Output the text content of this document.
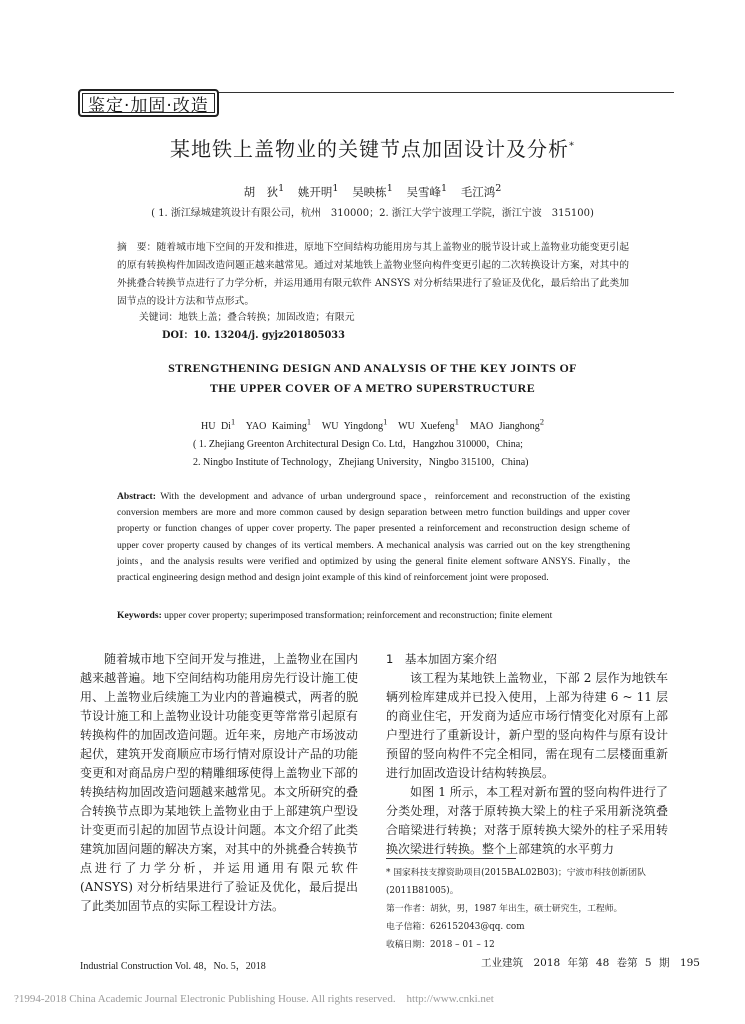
鉴定·加固·改造
某地铁上盖物业的关键节点加固设计及分析*
胡　狄$^1$ 姚开明$^1$ 吴映栋$^1$ 吴雪峰$^1$ 毛江鸿$^2$
( 1. 浙江绿城建筑设计有限公司，杭州　310000；2. 浙江大学宁波理工学院，浙江宁波　315100)
摘　要：随着城市地下空间的开发和推进，原地下空间结构功能用房与其上盖物业的脱节设计或上盖物业功能变更引起的原有转换构件加固改造问题正越来越常见。通过对某地铁上盖物业竖向构件变更引起的二次转换设计方案，对其中的外挑叠合转换节点进行了力学分析，并运用通用有限元软件 ANSYS 对分析结果进行了验证及优化，最后给出了此类加固节点的设计方法和节点形式。
关键词：地铁上盖；叠合转换；加固改造；有限元
DOI：10. 13204/j. gyjz201805033
STRENGTHENING DESIGN AND ANALYSIS OF THE KEY JOINTS OF
THE UPPER COVER OF A METRO SUPERSTRUCTURE
HU Di$^1$ YAO Kaiming$^1$ WU Yingdong$^1$ WU Xuefeng$^1$ MAO Jianghong$^2$
( 1. Zhejiang Greenton Architectural Design Co. Ltd，Hangzhou 310000，China;
2. Ningbo Institute of Technology，Zhejiang University，Ningbo 315100，China)
Abstract: With the development and advance of urban underground space，reinforcement and reconstruction of the existing conversion members are more and more common caused by design separation between metro function buildings and upper cover property or function changes of upper cover property. The paper presented a reinforcement and reconstruction design scheme of upper cover property caused by changes of its vertical members. A mechanical analysis was carried out on the key strengthening joints，and the analysis results were verified and optimized by using the general finite element software ANSYS. Finally，the practical engineering design method and design joint example of this kind of reinforcement joint were proposed.
Keywords: upper cover property; superimposed transformation; reinforcement and reconstruction; finite element

随着城市地下空间开发与推进，上盖物业在国内越来越普遍。地下空间结构功能用房先行设计施工使用、上盖物业后续施工为业内的普遍模式，两者的脱节设计施工和上盖物业设计功能变更等常常引起原有转换构件的加固改造问题。近年来，房地产市场波动起伏，建筑开发商顺应市场行情对原设计产品的功能变更和对商品房户型的精雕细琢使得上盖物业下部的转换结构加固改造问题越来越常见。本文所研究的叠合转换节点即为某地铁上盖物业由于上部建筑户型设计变更而引起的加固节点设计问题。本文介绍了此类建筑加固问题的解决方案，对其中的外挑叠合转换节点进行了力学分析，并运用通用有限元软件(ANSYS) 对分析结果进行了验证及优化，最后提出了此类加固节点的实际工程设计方法。

1　基本加固方案介绍

该工程为某地铁上盖物业，下部 2 层作为地铁车辆列检库建成并已投入使用，上部为待建 6 ~ 11 层的商业住宅，开发商为适应市场行情变化对原有上部户型进行了重新设计，新户型的竖向构件与原有设计预留的竖向构件不完全相同，需在现有二层楼面重新进行加固改造设计结构转换层。

如图 1 所示，本工程对新布置的竖向构件进行了分类处理，对落于原转换大梁上的柱子采用新浇筑叠合暗梁进行转换；对落于原转换大梁外的柱子采用转换次梁进行转换。整个上部建筑的水平剪力

* 国家科技支撑资助项目(2015BAL02B03)；宁波市科技创新团队(2011B81005)。
第一作者：胡狄，男，1987 年出生，硕士研究生，工程师。
电子信箱：626152043@qq. com
收稿日期：2018 – 01 – 12
Industrial Construction Vol. 48，No. 5，2018	工业建筑　2018 年第 48 卷第 5 期　195
?1994-2018 China Academic Journal Electronic Publishing House. All rights reserved.　http://www.cnki.net
